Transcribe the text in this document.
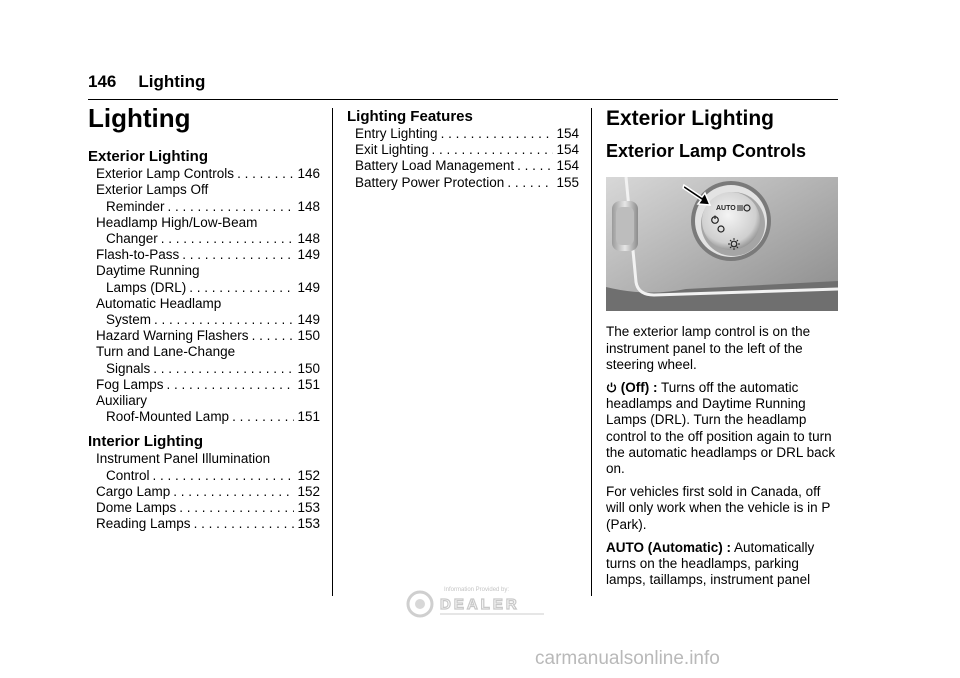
146 Lighting
Lighting
Exterior Lighting
Exterior Lamp Controls . . .	146
Exterior Lamps Off
Reminder . . .	148
Headlamp High/Low-Beam
Changer . . .	148
Flash-to-Pass . . .	149
Daytime Running
Lamps (DRL) . . .	149
Automatic Headlamp
System . . .	149
Hazard Warning Flashers . . .	150
Turn and Lane-Change
Signals . . .	150
Fog Lamps . . .	151
Auxiliary
Roof-Mounted Lamp . . .	151
Interior Lighting
Instrument Panel Illumination
Control . . .	152
Cargo Lamp . . .	152
Dome Lamps . . .	153
Reading Lamps . . .	153
Lighting Features
Entry Lighting . . .	154
Exit Lighting . . .	154
Battery Load Management . . .	154
Battery Power Protection . . .	155
Exterior Lighting
Exterior Lamp Controls
AUTO

The exterior lamp control is on the instrument panel to the left of the steering wheel.

(Off) : Turns off the automatic headlamps and Daytime Running Lamps (DRL). Turn the headlamp control to the off position again to turn the automatic headlamps or DRL back on.

For vehicles first sold in Canada, off will only work when the vehicle is in P (Park).

AUTO (Automatic) : Automatically turns on the headlamps, parking lamps, taillamps, instrument panel

Information Provided by:
DEALER
carmanualsonline.info
